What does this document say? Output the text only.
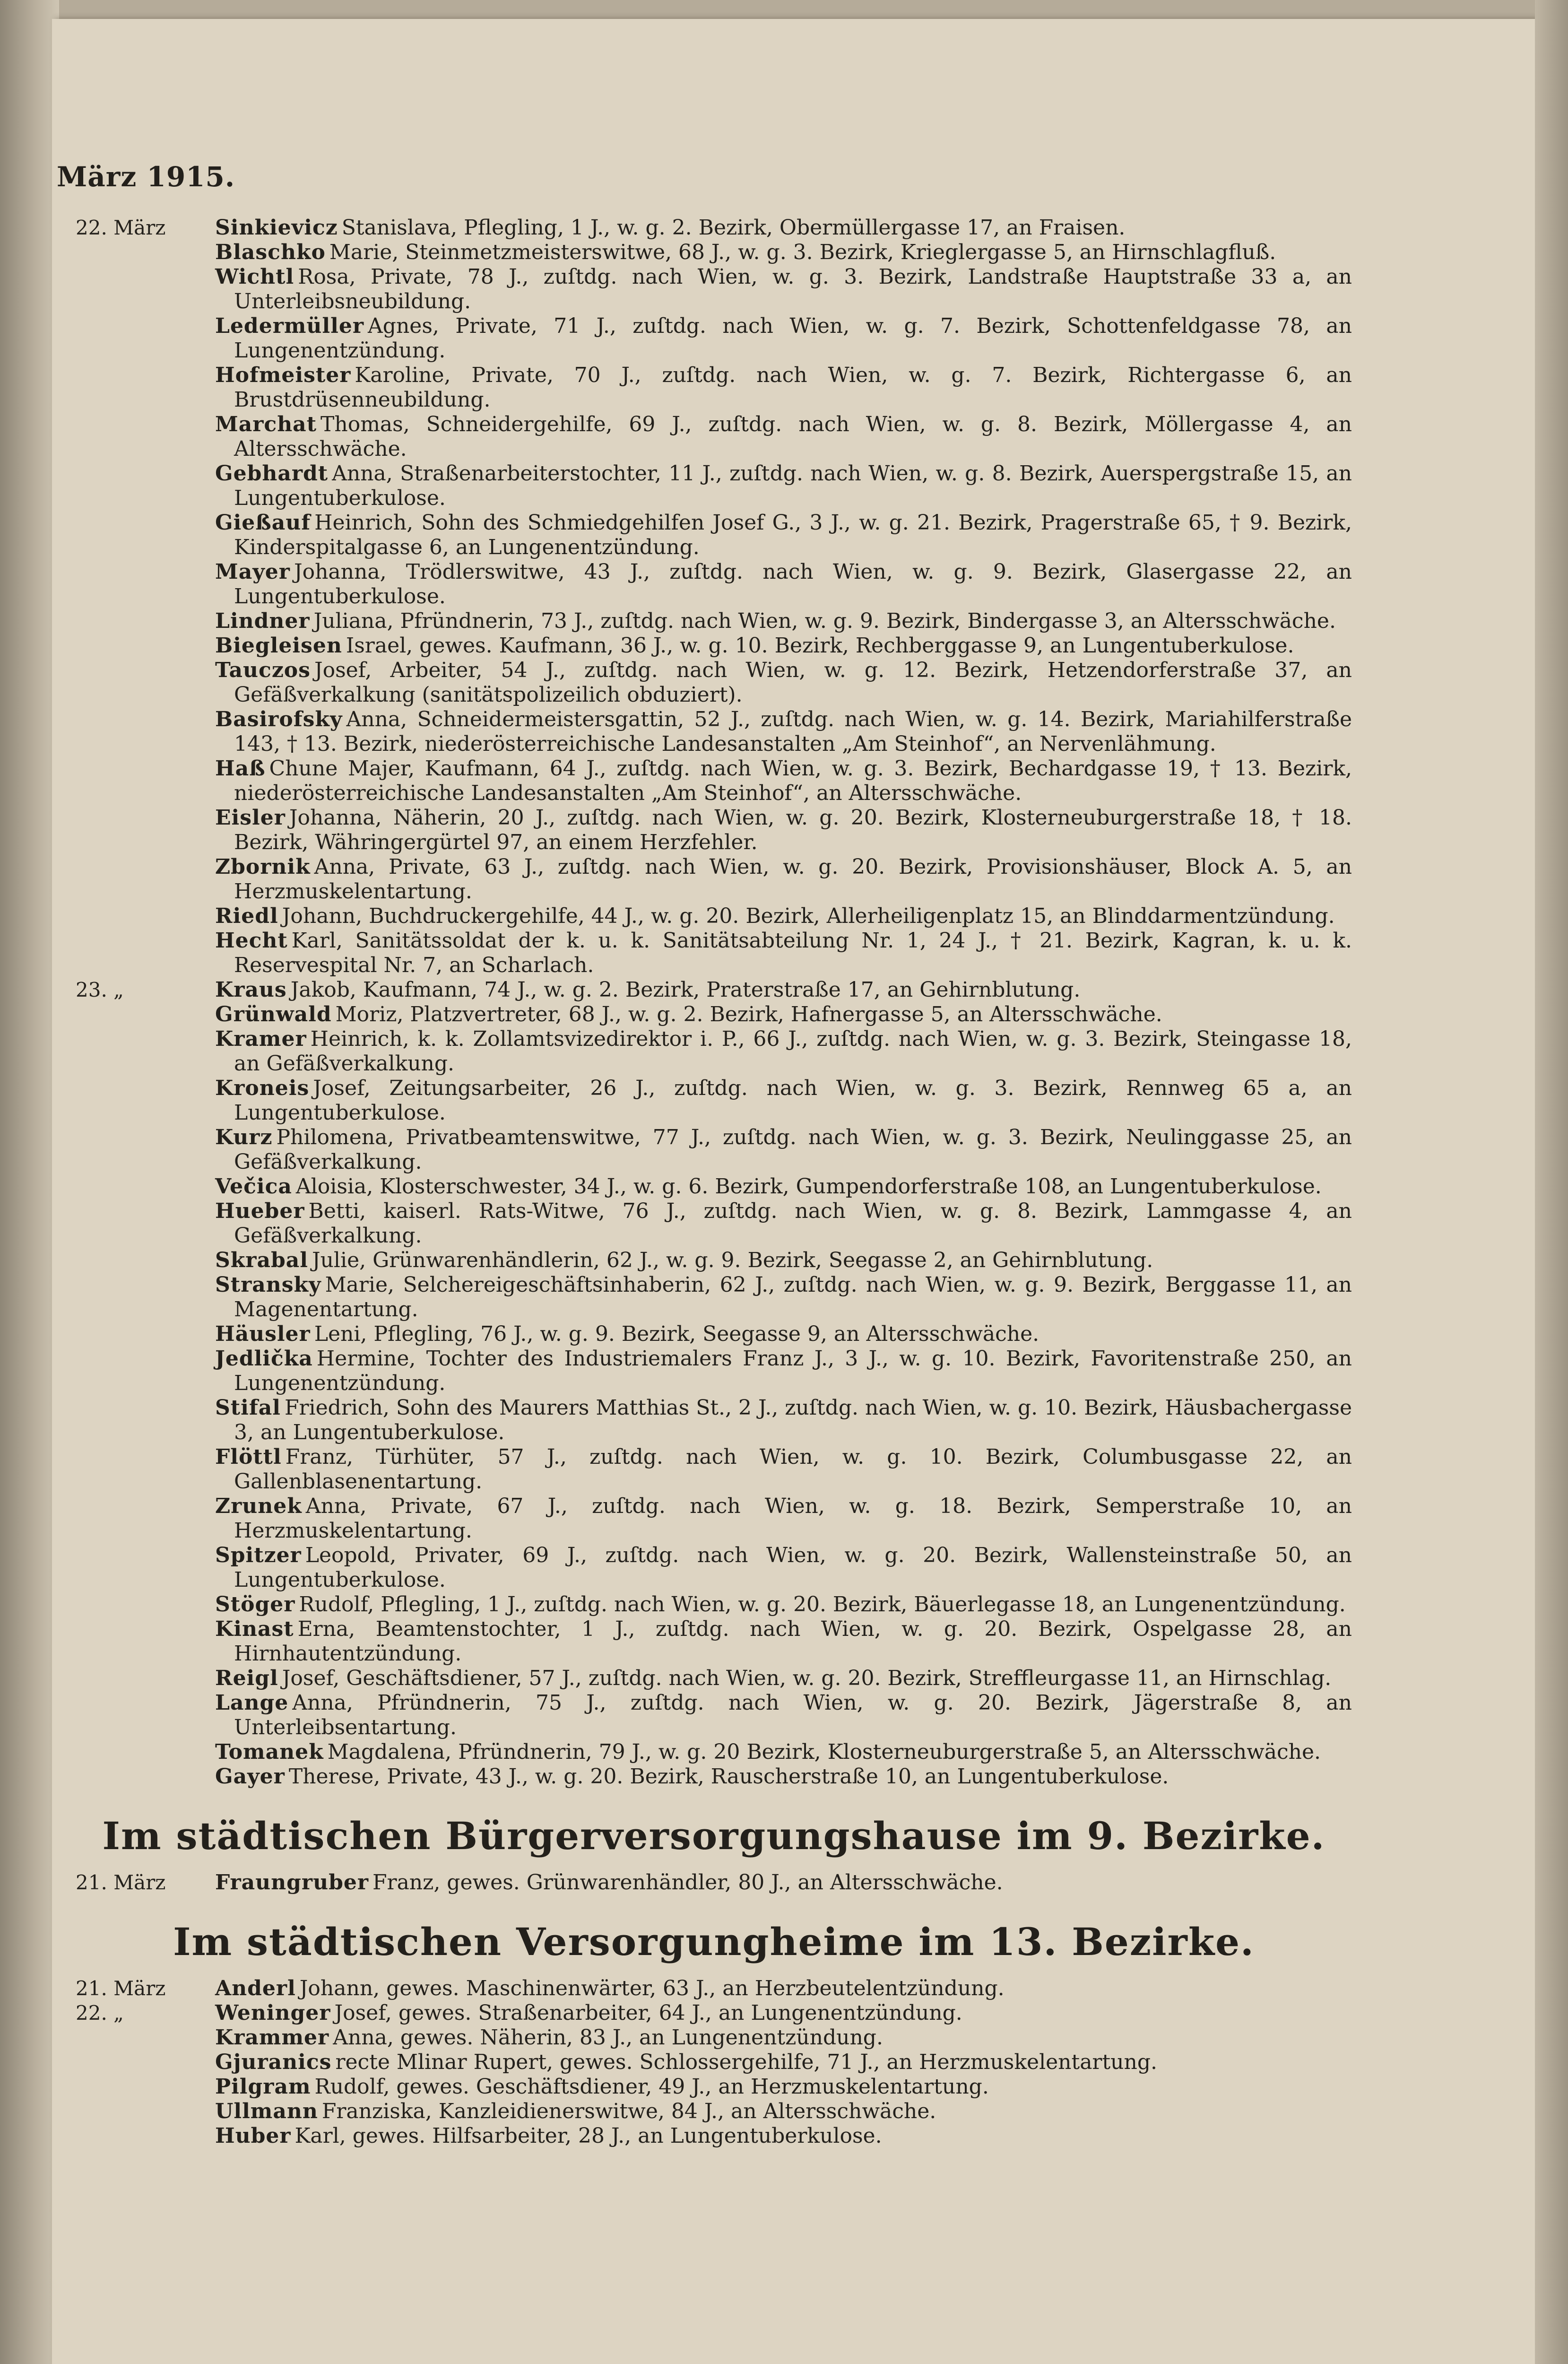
März 1915.
22. März Sinkievicz Stanislava, Pflegling, 1 J., w. g. 2. Bezirk, Obermüllergasse 17, an Fraisen.
Blaschko Marie, Steinmetzmeisterswitwe, 68 J., w. g. 3. Bezirk, Krieglergasse 5, an Hirnschlagfluß.
Wichtl Rosa, Private, 78 J., zuſtdg. nach Wien, w. g. 3. Bezirk, Landstraße Hauptstraße 33 a, an Unterleibsneubildung.
Ledermüller Agnes, Private, 71 J., zuſtdg. nach Wien, w. g. 7. Bezirk, Schottenfeldgasse 78, an Lungenentzündung.
Hofmeister Karoline, Private, 70 J., zuſtdg. nach Wien, w. g. 7. Bezirk, Richtergasse 6, an Brustdrüsenneubildung.
Marchat Thomas, Schneidergehilfe, 69 J., zuſtdg. nach Wien, w. g. 8. Bezirk, Möllergasse 4, an Altersschwäche.
Gebhardt Anna, Straßenarbeiterstochter, 11 J., zuſtdg. nach Wien, w. g. 8. Bezirk, Auerspergstraße 15, an Lungentuberkulose.
Gießauf Heinrich, Sohn des Schmiedgehilfen Josef G., 3 J., w. g. 21. Bezirk, Pragerstraße 65, † 9. Bezirk, Kinderspitalgasse 6, an Lungenentzündung.
Mayer Johanna, Trödlerswitwe, 43 J., zuſtdg. nach Wien, w. g. 9. Bezirk, Glasergasse 22, an Lungentuberkulose.
Lindner Juliana, Pfründnerin, 73 J., zuſtdg. nach Wien, w. g. 9. Bezirk, Bindergasse 3, an Altersschwäche.
Biegleisen Israel, gewes. Kaufmann, 36 J., w. g. 10. Bezirk, Rechberggasse 9, an Lungentuberkulose.
Tauczos Josef, Arbeiter, 54 J., zuſtdg. nach Wien, w. g. 12. Bezirk, Hetzendorferstraße 37, an Gefäßverkalkung (sanitätspolizeilich obduziert).
Basirofsky Anna, Schneidermeistersgattin, 52 J., zuſtdg. nach Wien, w. g. 14. Bezirk, Mariahilferstraße 143, † 13. Bezirk, niederösterreichische Landesanstalten „Am Steinhof“, an Nervenlähmung.
Haß Chune Majer, Kaufmann, 64 J., zuſtdg. nach Wien, w. g. 3. Bezirk, Bechardgasse 19, † 13. Bezirk, niederösterreichische Landesanstalten „Am Steinhof“, an Altersschwäche.
Eisler Johanna, Näherin, 20 J., zuſtdg. nach Wien, w. g. 20. Bezirk, Klosterneuburgerstraße 18, † 18. Bezirk, Währingergürtel 97, an einem Herzfehler.
Zbornik Anna, Private, 63 J., zuſtdg. nach Wien, w. g. 20. Bezirk, Provisionshäuser, Block A. 5, an Herzmuskelentartung.
Riedl Johann, Buchdruckergehilfe, 44 J., w. g. 20. Bezirk, Allerheiligenplatz 15, an Blinddarmentzündung.
Hecht Karl, Sanitätssoldat der k. u. k. Sanitätsabteilung Nr. 1, 24 J., † 21. Bezirk, Kagran, k. u. k. Reservespital Nr. 7, an Scharlach.
23. „	Kraus Jakob, Kaufmann, 74 J., w. g. 2. Bezirk, Praterstraße 17, an Gehirnblutung.
Grünwald Moriz, Platzvertreter, 68 J., w. g. 2. Bezirk, Hafnergasse 5, an Altersschwäche.
Kramer Heinrich, k. k. Zollamtsvizedirektor i. P., 66 J., zuſtdg. nach Wien, w. g. 3. Bezirk, Steingasse 18, an Gefäßverkalkung.
Kroneis Josef, Zeitungsarbeiter, 26 J., zuſtdg. nach Wien, w. g. 3. Bezirk, Rennweg 65 a, an Lungentuberkulose.
Kurz Philomena, Privatbeamtenswitwe, 77 J., zuſtdg. nach Wien, w. g. 3. Bezirk, Neulinggasse 25, an Gefäßverkalkung.
Večica Aloisia, Klosterschwester, 34 J., w. g. 6. Bezirk, Gumpendorferstraße 108, an Lungentuberkulose.
Hueber Betti, kaiserl. Rats-Witwe, 76 J., zuſtdg. nach Wien, w. g. 8. Bezirk, Lammgasse 4, an Gefäßverkalkung.
Skrabal Julie, Grünwarenhändlerin, 62 J., w. g. 9. Bezirk, Seegasse 2, an Gehirnblutung.
Stransky Marie, Selchereigeschäftsinhaberin, 62 J., zuſtdg. nach Wien, w. g. 9. Bezirk, Berggasse 11, an Magenentartung.
Häusler Leni, Pflegling, 76 J., w. g. 9. Bezirk, Seegasse 9, an Altersschwäche.
Jedlička Hermine, Tochter des Industriemalers Franz J., 3 J., w. g. 10. Bezirk, Favoritenstraße 250, an Lungenentzündung.
Stifal Friedrich, Sohn des Maurers Matthias St., 2 J., zuſtdg. nach Wien, w. g. 10. Bezirk, Häusbachergasse 3, an Lungentuberkulose.
Flöttl Franz, Türhüter, 57 J., zuſtdg. nach Wien, w. g. 10. Bezirk, Columbusgasse 22, an Gallenblasenentartung.
Zrunek Anna, Private, 67 J., zuſtdg. nach Wien, w. g. 18. Bezirk, Semperstraße 10, an Herzmuskelentartung.
Spitzer Leopold, Privater, 69 J., zuſtdg. nach Wien, w. g. 20. Bezirk, Wallensteinstraße 50, an Lungentuberkulose.
Stöger Rudolf, Pflegling, 1 J., zuſtdg. nach Wien, w. g. 20. Bezirk, Bäuerlegasse 18, an Lungenentzündung.
Kinast Erna, Beamtenstochter, 1 J., zuſtdg. nach Wien, w. g. 20. Bezirk, Ospelgasse 28, an Hirnhautentzündung.
Reigl Josef, Geschäftsdiener, 57 J., zuſtdg. nach Wien, w. g. 20. Bezirk, Streffleurgasse 11, an Hirnschlag.
Lange Anna, Pfründnerin, 75 J., zuſtdg. nach Wien, w. g. 20. Bezirk, Jägerstraße 8, an Unterleibsentartung.
Tomanek Magdalena, Pfründnerin, 79 J., w. g. 20 Bezirk, Klosterneuburgerstraße 5, an Altersschwäche.
Gayer Therese, Private, 43 J., w. g. 20. Bezirk, Rauscherstraße 10, an Lungentuberkulose.
Im städtischen Bürgerversorgungshause im 9. Bezirke.
21. März Fraungruber Franz, gewes. Grünwarenhändler, 80 J., an Altersschwäche.
Im städtischen Versorgungheime im 13. Bezirke.
21. März Anderl Johann, gewes. Maschinenwärter, 63 J., an Herzbeutelentzündung.
22. „	Weninger Josef, gewes. Straßenarbeiter, 64 J., an Lungenentzündung.
Krammer Anna, gewes. Näherin, 83 J., an Lungenentzündung.
Gjuranics recte Mlinar Rupert, gewes. Schlossergehilfe, 71 J., an Herzmuskelentartung.
Pilgram Rudolf, gewes. Geschäftsdiener, 49 J., an Herzmuskelentartung.
Ullmann Franziska, Kanzleidienerswitwe, 84 J., an Altersschwäche.
Huber Karl, gewes. Hilfsarbeiter, 28 J., an Lungentuberkulose.
